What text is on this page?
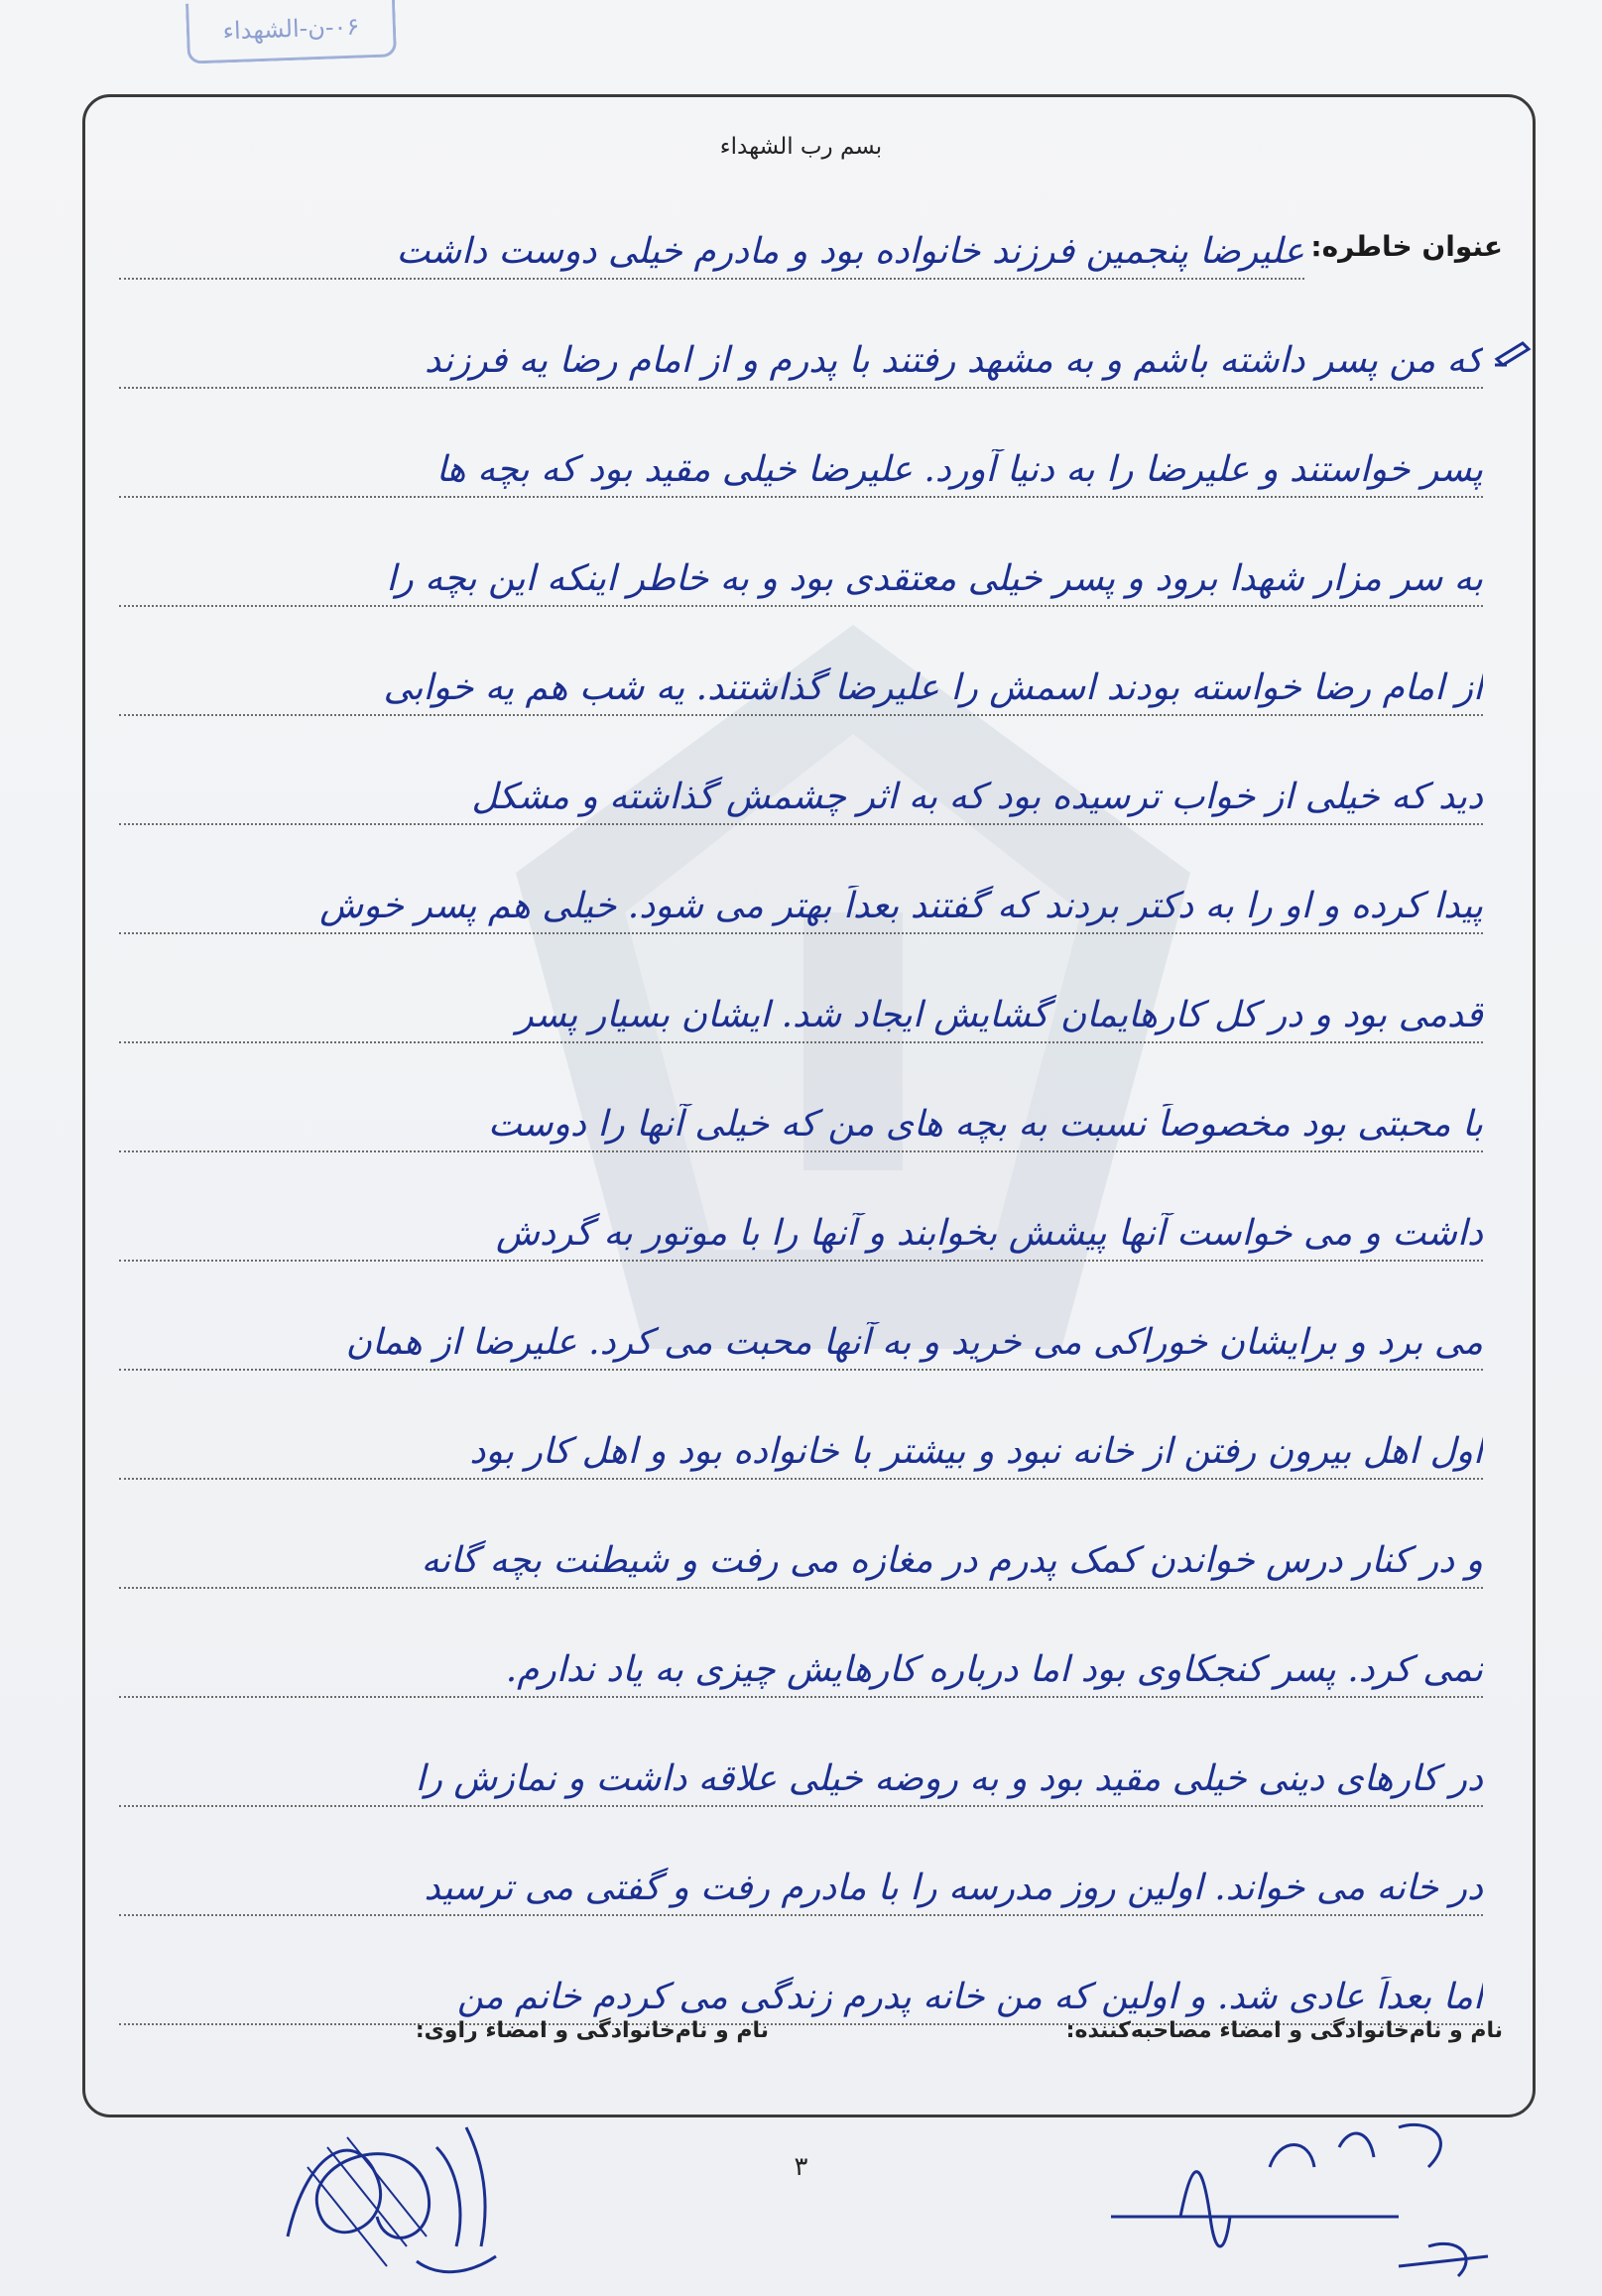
۰۶-ن-الشهداء
بسم رب الشهداء
عنوان خاطره:
علیرضا پنجمین فرزند خانواده بود و مادرم خیلی دوست داشت
که من پسر داشته باشم و به مشهد رفتند با پدرم و از امام رضا یه فرزند
پسر خواستند و علیرضا را به دنیا آورد. علیرضا خیلی مقید بود که بچه ها
به سر مزار شهدا برود و پسر خیلی معتقدی بود و به خاطر اینکه این بچه را
از امام رضا خواسته بودند اسمش را علیرضا گذاشتند. یه شب هم یه خوابی
دید که خیلی از خواب ترسیده بود که به اثر چشمش گذاشته و مشکل
پیدا کرده و او را به دکتر بردند که گفتند بعداً بهتر می شود. خیلی هم پسر خوش
قدمی بود و در کل کارهایمان گشایش ایجاد شد. ایشان بسیار پسر
با محبتی بود مخصوصاً نسبت به بچه های من که خیلی آنها را دوست
داشت و می خواست آنها پیشش بخوابند و آنها را با موتور به گردش
می برد و برایشان خوراکی می خرید و به آنها محبت می کرد. علیرضا از همان
اول اهل بیرون رفتن از خانه نبود و بیشتر با خانواده بود و اهل کار بود
و در کنار درس خواندن کمک پدرم در مغازه می رفت و شیطنت بچه گانه
نمی کرد. پسر کنجکاوی بود اما درباره کارهایش چیزی به یاد ندارم.
در کارهای دینی خیلی مقید بود و به روضه خیلی علاقه داشت و نمازش را
در خانه می خواند. اولین روز مدرسه را با مادرم رفت و گفتی می ترسید
اما بعداً عادی شد. و اولین که من خانه پدرم زندگی می کردم خانم من
نام و نام‌خانوادگی و امضاء مصاحبه‌کننده:
نام و نام‌خانوادگی و امضاء راوی:
۳
